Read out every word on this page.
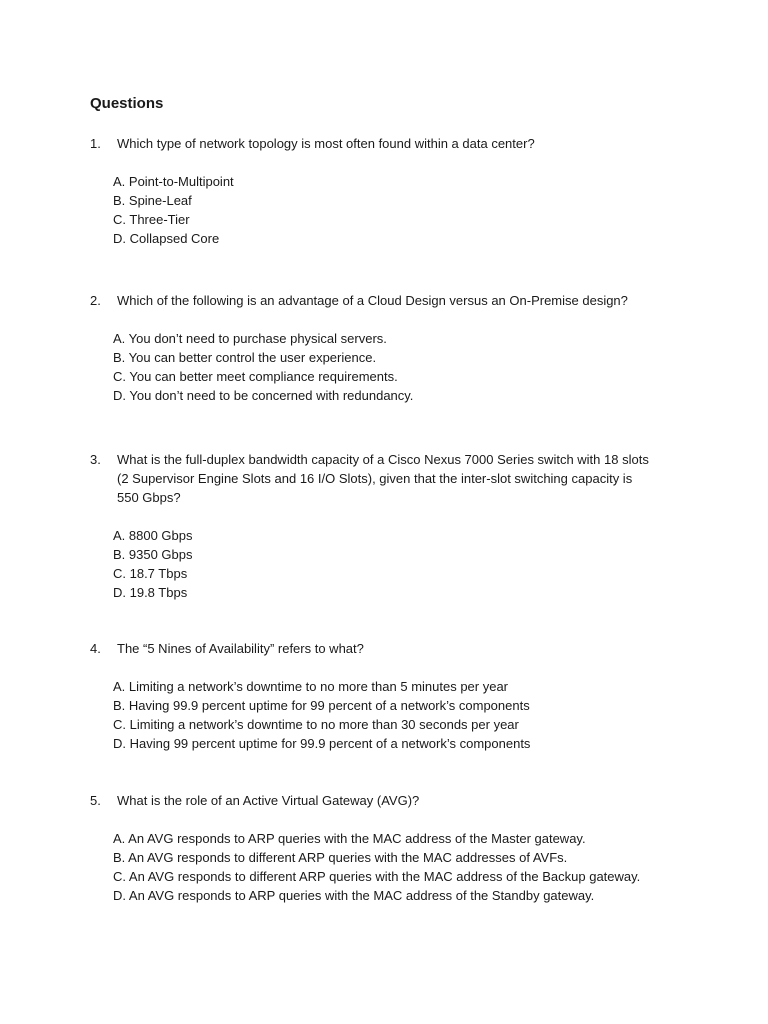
Questions
1.	Which type of network topology is most often found within a data center?
A. Point-to-Multipoint
B. Spine-Leaf
C. Three-Tier
D. Collapsed Core
2.	Which of the following is an advantage of a Cloud Design versus an On-Premise design?
A. You don’t need to purchase physical servers.
B. You can better control the user experience.
C. You can better meet compliance requirements.
D. You don’t need to be concerned with redundancy.
3.	What is the full-duplex bandwidth capacity of a Cisco Nexus 7000 Series switch with 18 slots (2 Supervisor Engine Slots and 16 I/O Slots), given that the inter-slot switching capacity is 550 Gbps?
A. 8800 Gbps
B. 9350 Gbps
C. 18.7 Tbps
D. 19.8 Tbps
4.	The “5 Nines of Availability” refers to what?
A. Limiting a network’s downtime to no more than 5 minutes per year
B. Having 99.9 percent uptime for 99 percent of a network’s components
C. Limiting a network’s downtime to no more than 30 seconds per year
D. Having 99 percent uptime for 99.9 percent of a network’s components
5.	What is the role of an Active Virtual Gateway (AVG)?
A. An AVG responds to ARP queries with the MAC address of the Master gateway.
B. An AVG responds to different ARP queries with the MAC addresses of AVFs.
C. An AVG responds to different ARP queries with the MAC address of the Backup gateway.
D. An AVG responds to ARP queries with the MAC address of the Standby gateway.
